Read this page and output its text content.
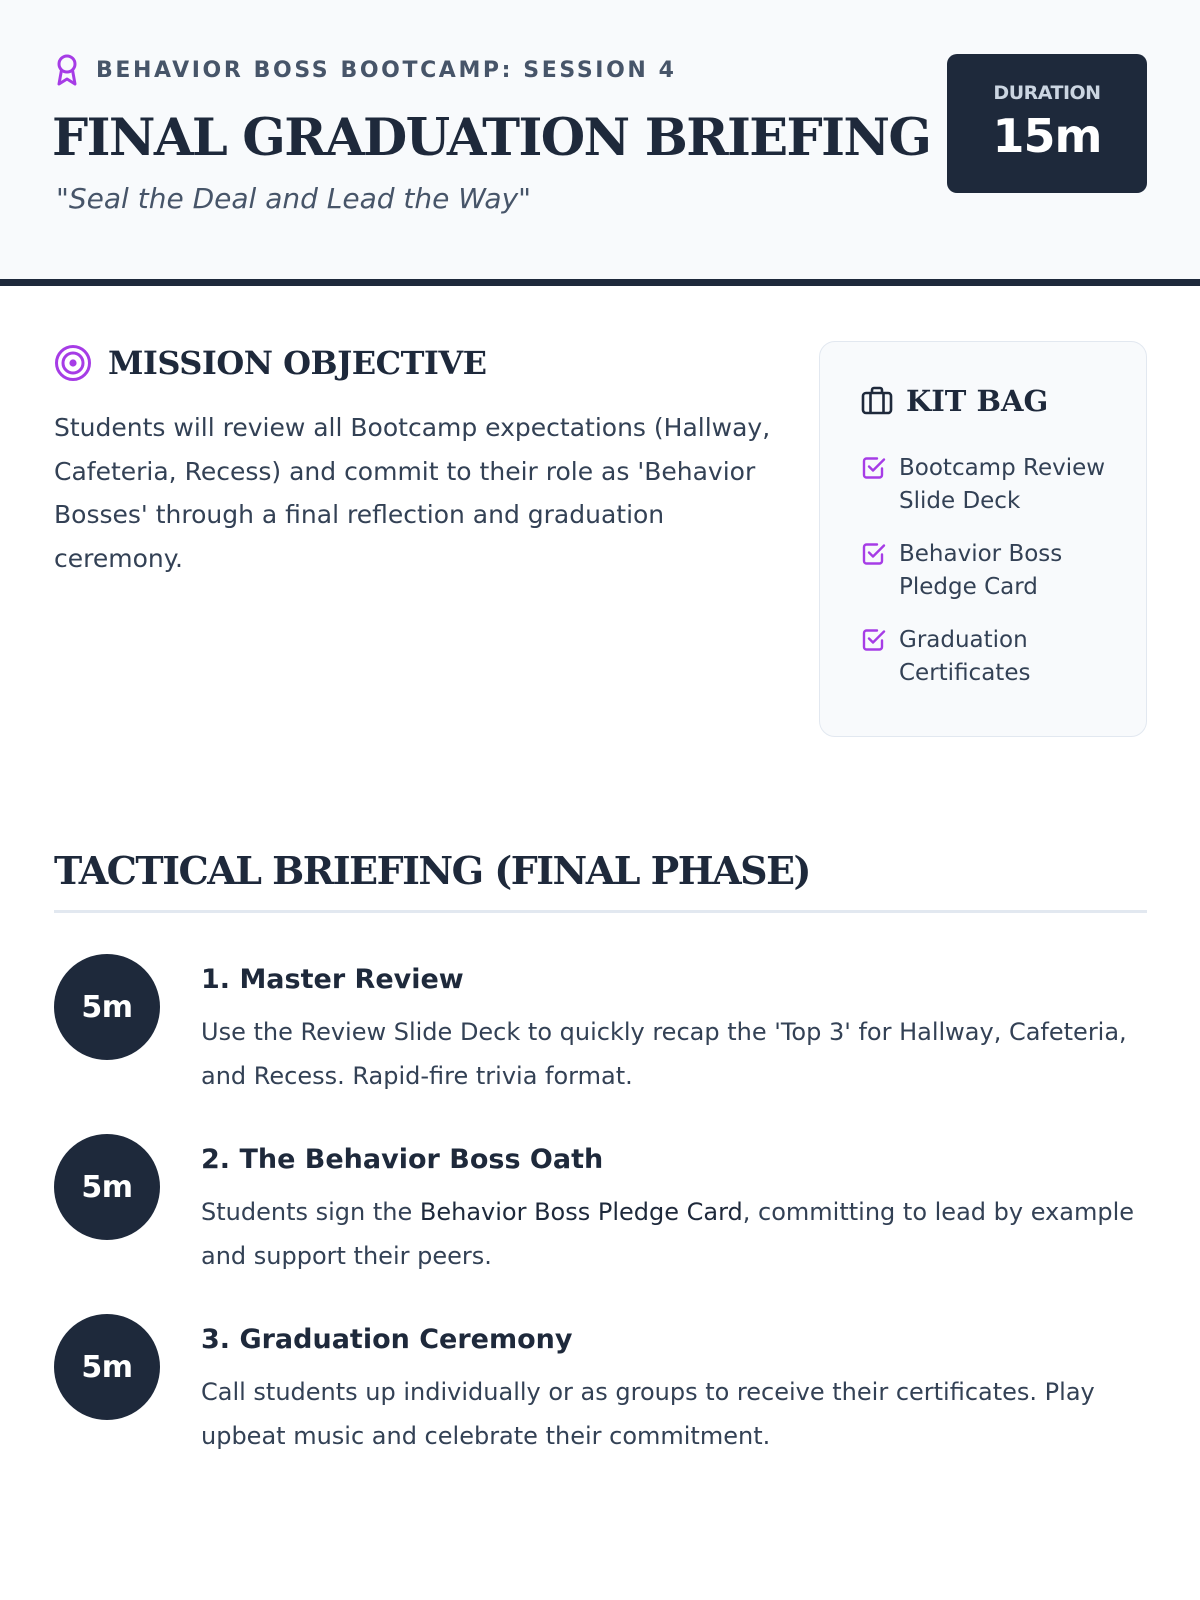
BEHAVIOR BOSS BOOTCAMP: SESSION 4
FINAL GRADUATION BRIEFING
"Seal the Deal and Lead the Way"
DURATION
15m
MISSION OBJECTIVE

Students will review all Bootcamp expectations (Hallway, Cafeteria, Recess) and commit to their role as 'Behavior Bosses' through a final reflection and graduation ceremony.

KIT BAG
Bootcamp Review Slide Deck
Behavior Boss Pledge Card
Graduation Certificates
TACTICAL BRIEFING (FINAL PHASE)
5m
1. Master Review

Use the Review Slide Deck to quickly recap the 'Top 3' for Hallway, Cafeteria, and Recess. Rapid-fire trivia format.

5m
2. The Behavior Boss Oath

Students sign the Behavior Boss Pledge Card, committing to lead by example and support their peers.

5m
3. Graduation Ceremony

Call students up individually or as groups to receive their certificates. Play upbeat music and celebrate their commitment.
